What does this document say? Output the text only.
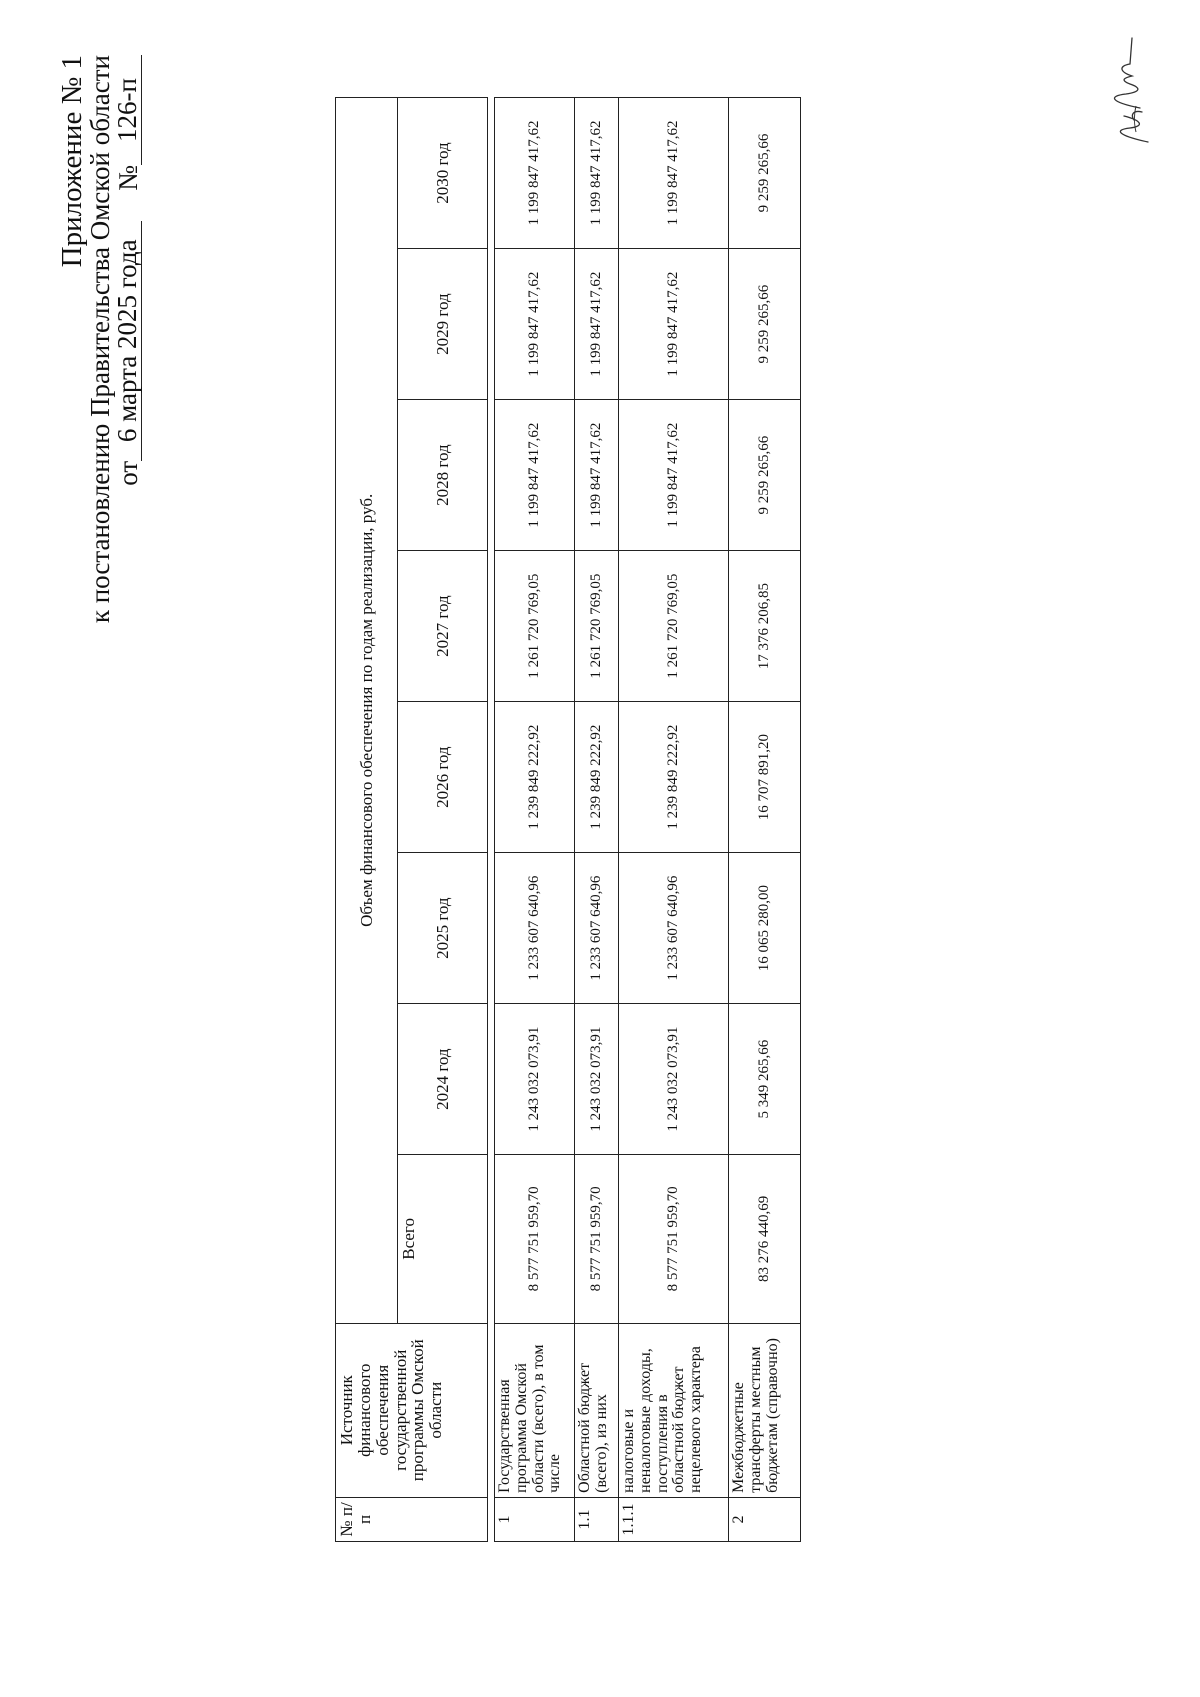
Приложение № 1
к постановлению Правительства Омской области
от
6 марта 2025 года
№
126-п
№ п/п	Источник финансового обеспечения государственной программы Омской области	Объем финансового обеспечения по годам реализации, руб.							
		Всего	2024 год	2025 год	2026 год	2027 год	2028 год	2029 год	2030 год

1	Государственная программа Омской области (всего), в том числе	8 577 751 959,70	1 243 032 073,91	1 233 607 640,96	1 239 849 222,92	1 261 720 769,05	1 199 847 417,62	1 199 847 417,62	1 199 847 417,62
1.1	Областной бюджет (всего), из них	8 577 751 959,70	1 243 032 073,91	1 233 607 640,96	1 239 849 222,92	1 261 720 769,05	1 199 847 417,62	1 199 847 417,62	1 199 847 417,62
1.1.1	налоговые и неналоговые доходы, поступления в областной бюджет нецелевого характера	8 577 751 959,70	1 243 032 073,91	1 233 607 640,96	1 239 849 222,92	1 261 720 769,05	1 199 847 417,62	1 199 847 417,62	1 199 847 417,62
2	Межбюджетные трансферты местным бюджетам (справочно)	83 276 440,69	5 349 265,66	16 065 280,00	16 707 891,20	17 376 206,85	9 259 265,66	9 259 265,66	9 259 265,66
